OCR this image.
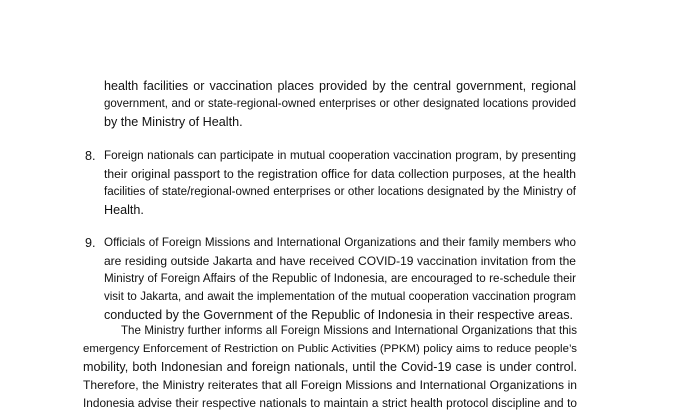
health facilities or vaccination places provided by the central government, regional
government, and or state-regional-owned enterprises or other designated locations provided
by the Ministry of Health.
8. Foreign nationals can participate in mutual cooperation vaccination program, by presenting
their original passport to the registration office for data collection purposes, at the health
facilities of state/regional-owned enterprises or other locations designated by the Ministry of
Health.
9. Officials of Foreign Missions and International Organizations and their family members who
are residing outside Jakarta and have received COVID-19 vaccination invitation from the
Ministry of Foreign Affairs of the Republic of Indonesia, are encouraged to re-schedule their
visit to Jakarta, and await the implementation of the mutual cooperation vaccination program
conducted by the Government of the Republic of Indonesia in their respective areas.
The Ministry further informs all Foreign Missions and International Organizations that this
emergency Enforcement of Restriction on Public Activities (PPKM) policy aims to reduce people’s
mobility, both Indonesian and foreign nationals, until the Covid-19 case is under control.
Therefore, the Ministry reiterates that all Foreign Missions and International Organizations in
Indonesia advise their respective nationals to maintain a strict health protocol discipline and to
